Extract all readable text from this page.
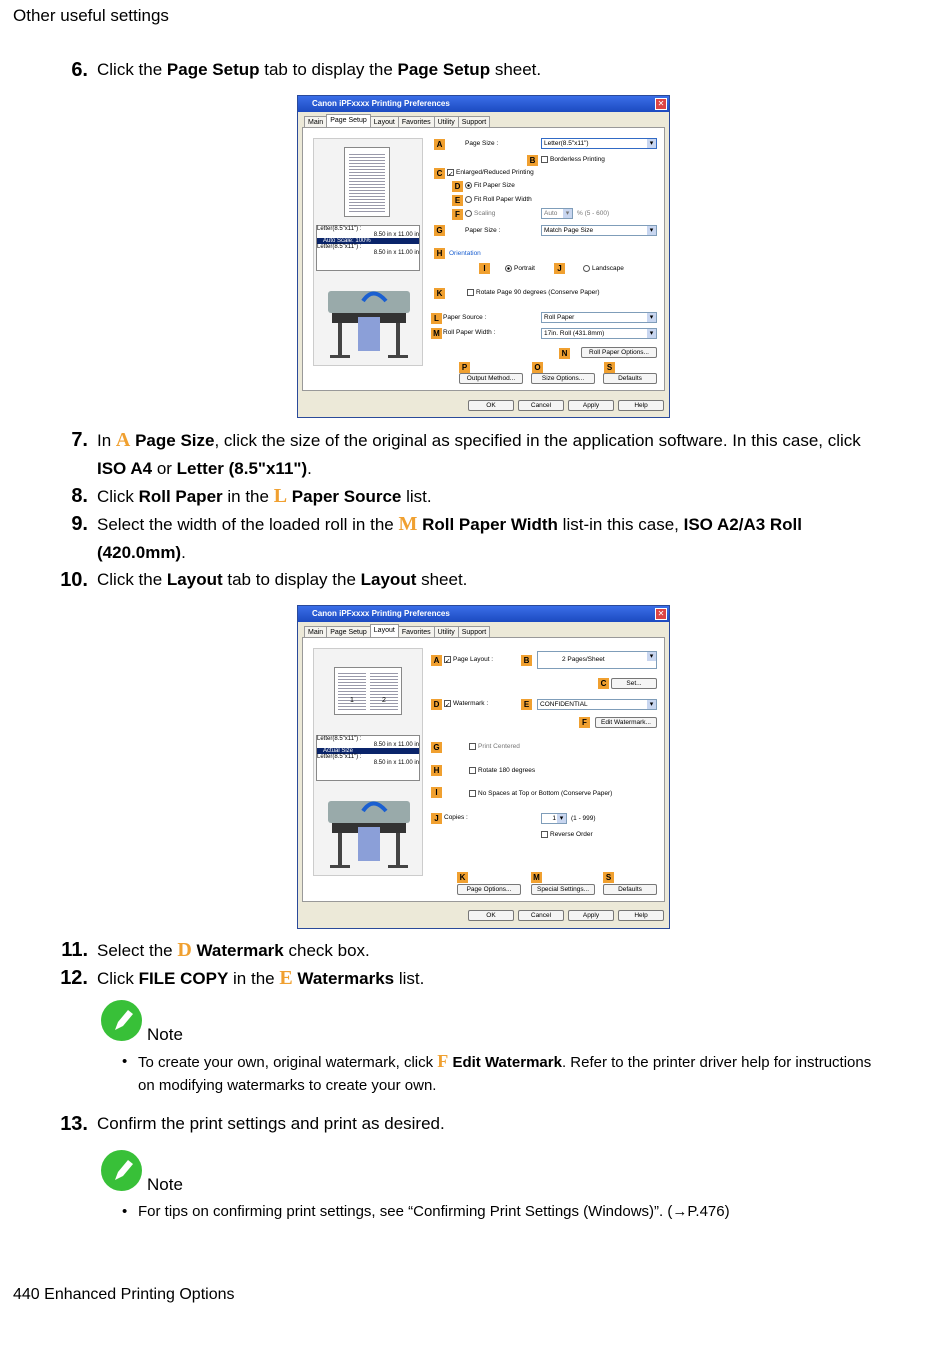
Other useful settings
6. Click the Page Setup tab to display the Page Setup sheet.
Canon iPFxxxx Printing Preferences	✕
Main Page Setup Layout Favorites Utility Support
Letter(8.5"x11") :
8.50 in x 11.00 in
Auto Scale: 100%
Letter(8.5"x11") :
8.50 in x 11.00 in
A	Page Size :	Letter(8.5"x11") ▾
B	Borderless Printing
C ✓ Enlarged/Reduced Printing
D	Fit Paper Size
E	Fit Roll Paper Width
F	Scaling	Auto ▾	% (5 - 600)
G	Paper Size :	Match Page Size ▾
H	Orientation
I	Portrait	J	Landscape
K	Rotate Page 90 degrees (Conserve Paper)
L Paper Source :	Roll Paper ▾
M Roll Paper Width :	17in. Roll (431.8mm) ▾
N	Roll Paper Options...
P	O	S
Output Method...	Size Options...	Defaults
OK	Cancel	Apply	Help
7. In A Page Size, click the size of the original as specified in the application software. In this case, click ISO A4 or Letter (8.5"x11").
8. Click Roll Paper in the L Paper Source list.
9. Select the width of the loaded roll in the M Roll Paper Width list-in this case, ISO A2/A3 Roll (420.0mm).
10. Click the Layout tab to display the Layout sheet.
Canon iPFxxxx Printing Preferences	✕
Main Page Setup Layout Favorites Utility Support
1	2
Letter(8.5"x11") :
8.50 in x 11.00 in
Actual Size
Letter(8.5"x11") :
8.50 in x 11.00 in
A ✓ Page Layout :	B	2 Pages/Sheet ▾
C	Set...
D ✓ Watermark :	E	CONFIDENTIAL ▾
F	Edit Watermark...
G	Print Centered
H	Rotate 180 degrees
I	No Spaces at Top or Bottom (Conserve Paper)
J Copies :	1 ▾	(1 - 999)
Reverse Order
K	M	S
Page Options...	Special Settings...	Defaults
OK	Cancel	Apply	Help
11. Select the D Watermark check box.
12. Click FILE COPY in the E Watermarks list.
Note
• To create your own, original watermark, click F Edit Watermark. Refer to the printer driver help for instructions on modifying watermarks to create your own.
13. Confirm the print settings and print as desired.
Note
• For tips on confirming print settings, see “Confirming Print Settings (Windows)”. (→P.476)
440 Enhanced Printing Options
